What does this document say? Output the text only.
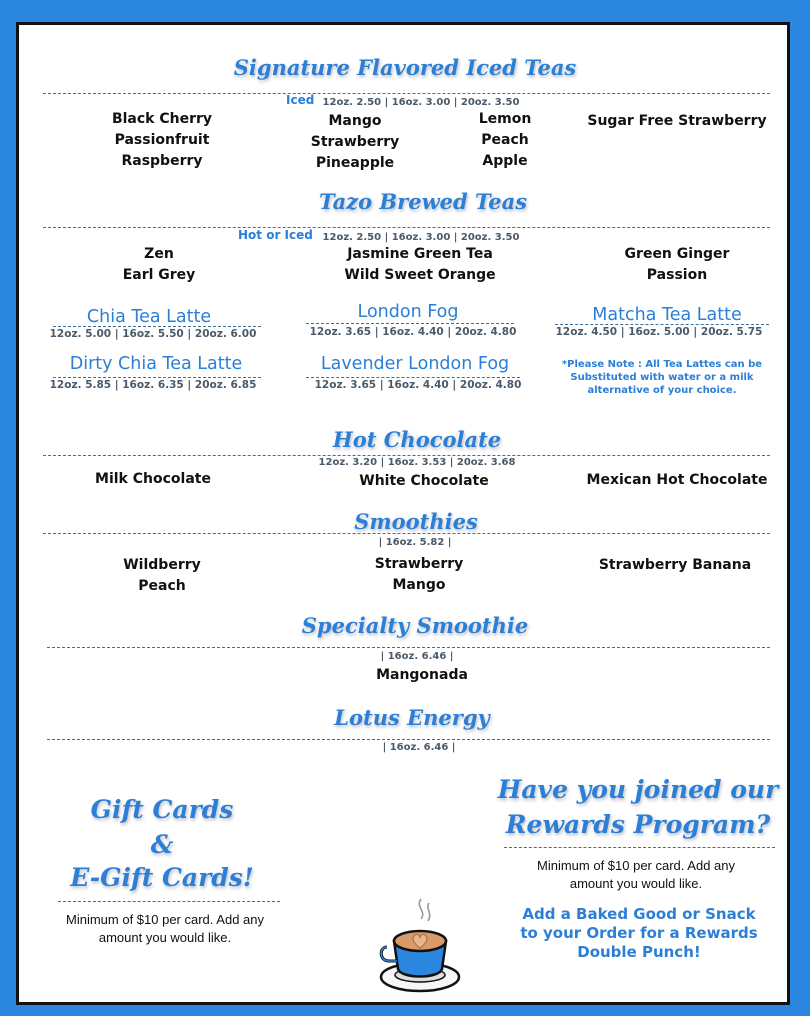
Signature Flavored Iced Teas
Iced 12oz. 2.50 | 16oz. 3.00 | 20oz. 3.50
Black Cherry
Passionfruit
Raspberry
Mango
Strawberry
Pineapple
Lemon
Peach
Apple
Sugar Free Strawberry
Tazo Brewed Teas
Hot or Iced 12oz. 2.50 | 16oz. 3.00 | 20oz. 3.50
Zen
Earl Grey
Jasmine Green Tea
Wild Sweet Orange
Green Ginger
Passion
Chia Tea Latte
12oz. 5.00 | 16oz. 5.50 | 20oz. 6.00
London Fog
12oz. 3.65 | 16oz. 4.40 | 20oz. 4.80
Matcha Tea Latte
12oz. 4.50 | 16oz. 5.00 | 20oz. 5.75
Dirty Chia Tea Latte
12oz. 5.85 | 16oz. 6.35 | 20oz. 6.85
Lavender London Fog
12oz. 3.65 | 16oz. 4.40 | 20oz. 4.80
*Please Note : All Tea Lattes can be Substituted with water or a milk alternative of your choice.
Hot Chocolate
12oz. 3.20 | 16oz. 3.53 | 20oz. 3.68
Milk Chocolate	White Chocolate	Mexican Hot Chocolate
Smoothies
| 16oz. 5.82 |
Wildberry
Peach
Strawberry
Mango
Strawberry Banana
Specialty Smoothie
| 16oz. 6.46 |
Mangonada
Lotus Energy
| 16oz. 6.46 |
Gift Cards
&
E-Gift Cards!
Minimum of $10 per card. Add any amount you would like.
Have you joined our
Rewards Program?
Minimum of $10 per card. Add any amount you would like.
Add a Baked Good or Snack to your Order for a Rewards Double Punch!
